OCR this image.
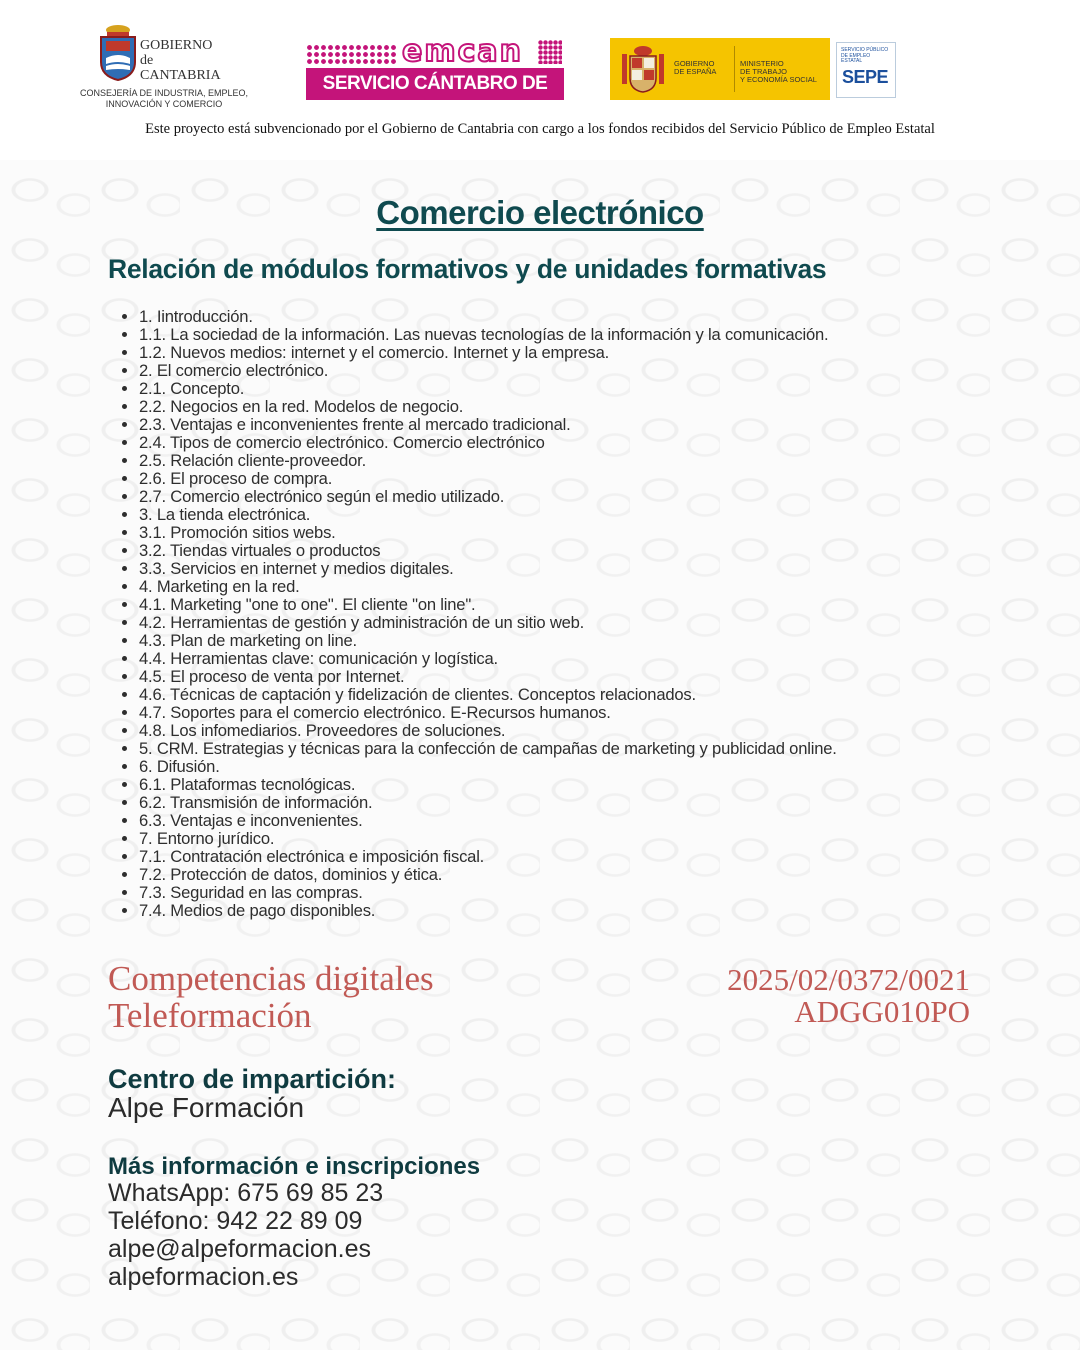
GOBIERNO
de
CANTABRIA
CONSEJERÍA DE INDUSTRIA, EMPLEO,
INNOVACIÓN Y COMERCIO
emcan
SERVICIO CÁNTABRO DE EMPLEO
GOBIERNO
DE ESPAÑA
MINISTERIO
DE TRABAJO
Y ECONOMÍA SOCIAL
SERVICIO PÚBLICO
DE EMPLEO ESTATAL
SEPE
Este proyecto está subvencionado por el Gobierno de Cantabria con cargo a los fondos recibidos del Servicio Público de Empleo Estatal
Comercio electrónico
Relación de módulos formativos y de unidades formativas
• 1. Iintroducción.
• 1.1. La sociedad de la información. Las nuevas tecnologías de la información y la comunicación.
• 1.2. Nuevos medios: internet y el comercio. Internet y la empresa.
• 2. El comercio electrónico.
• 2.1. Concepto.
• 2.2. Negocios en la red. Modelos de negocio.
• 2.3. Ventajas e inconvenientes frente al mercado tradicional.
• 2.4. Tipos de comercio electrónico. Comercio electrónico
• 2.5. Relación cliente-proveedor.
• 2.6. El proceso de compra.
• 2.7. Comercio electrónico según el medio utilizado.
• 3. La tienda electrónica.
• 3.1. Promoción sitios webs.
• 3.2. Tiendas virtuales o productos
• 3.3. Servicios en internet y medios digitales.
• 4. Marketing en la red.
• 4.1. Marketing "one to one". El cliente "on line".
• 4.2. Herramientas de gestión y administración de un sitio web.
• 4.3. Plan de marketing on line.
• 4.4. Herramientas clave: comunicación y logística.
• 4.5. El proceso de venta por Internet.
• 4.6. Técnicas de captación y fidelización de clientes. Conceptos relacionados.
• 4.7. Soportes para el comercio electrónico. E-Recursos humanos.
• 4.8. Los infomediarios. Proveedores de soluciones.
• 5. CRM. Estrategias y técnicas para la confección de campañas de marketing y publicidad online.
• 6. Difusión.
• 6.1. Plataformas tecnológicas.
• 6.2. Transmisión de información.
• 6.3. Ventajas e inconvenientes.
• 7. Entorno jurídico.
• 7.1. Contratación electrónica e imposición fiscal.
• 7.2. Protección de datos, dominios y ética.
• 7.3. Seguridad en las compras.
• 7.4. Medios de pago disponibles.
Competencias digitales
Teleformación
2025/02/0372/0021
ADGG010PO
Centro de impartición:
Alpe Formación
Más información e inscripciones
WhatsApp: 675 69 85 23
Teléfono: 942 22 89 09
alpe@alpeformacion.es
alpeformacion.es
